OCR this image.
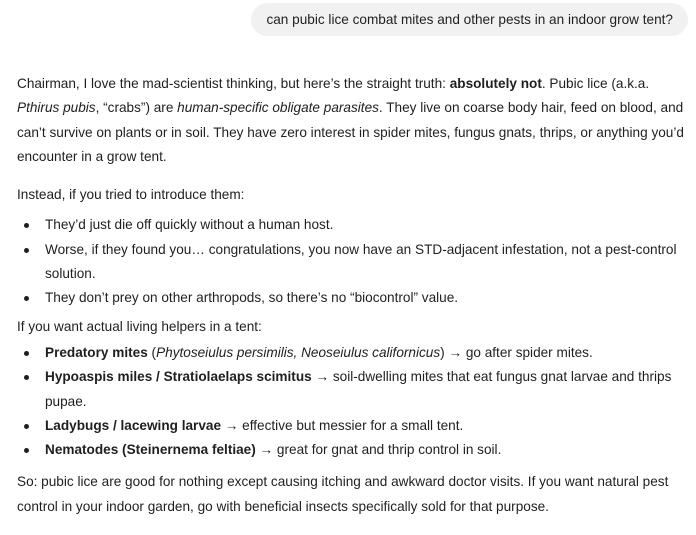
can pubic lice combat mites and other pests in an indoor grow tent?

Chairman, I love the mad-scientist thinking, but here’s the straight truth: absolutely not. Pubic lice (a.k.a. Pthirus pubis, “crabs”) are human-specific obligate parasites. They live on coarse body hair, feed on blood, and can’t survive on plants or in soil. They have zero interest in spider mites, fungus gnats, thrips, or anything you’d encounter in a grow tent.

Instead, if you tried to introduce them:

They’d just die off quickly without a human host.
Worse, if they found you… congratulations, you now have an STD-adjacent infestation, not a pest-control solution.
They don’t prey on other arthropods, so there’s no “biocontrol” value.

If you want actual living helpers in a tent:

Predatory mites (Phytoseiulus persimilis, Neoseiulus californicus) → go after spider mites.
Hypoaspis miles / Stratiolaelaps scimitus → soil-dwelling mites that eat fungus gnat larvae and thrips pupae.
Ladybugs / lacewing larvae → effective but messier for a small tent.
Nematodes (Steinernema feltiae) → great for gnat and thrip control in soil.

So: pubic lice are good for nothing except causing itching and awkward doctor visits. If you want natural pest control in your indoor garden, go with beneficial insects specifically sold for that purpose.
